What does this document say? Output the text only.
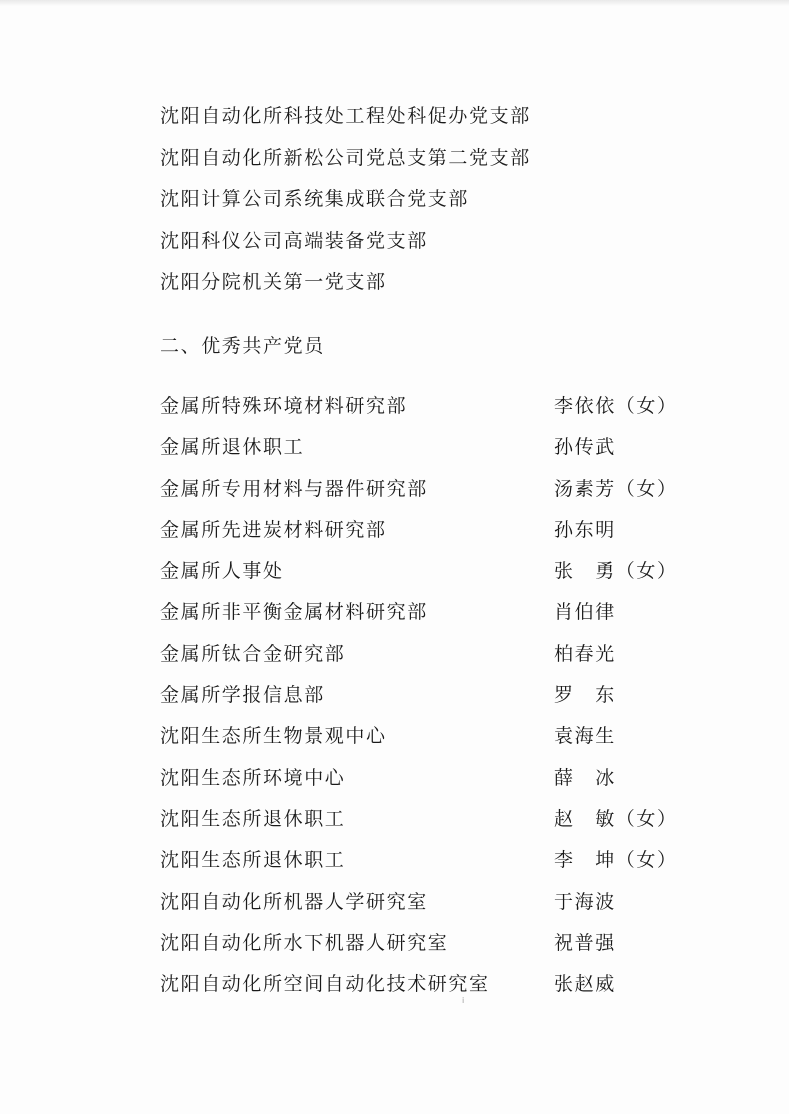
沈阳自动化所科技处工程处科促办党支部
沈阳自动化所新松公司党总支第二党支部
沈阳计算公司系统集成联合党支部
沈阳科仪公司高端装备党支部
沈阳分院机关第一党支部
二、优秀共产党员
金属所特殊环境材料研究部	李依依（女）
金属所退休职工	孙传武
金属所专用材料与器件研究部	汤素芳（女）
金属所先进炭材料研究部	孙东明
金属所人事处	张　勇（女）
金属所非平衡金属材料研究部	肖伯律
金属所钛合金研究部	柏春光
金属所学报信息部	罗　东
沈阳生态所生物景观中心	袁海生
沈阳生态所环境中心	薛　冰
沈阳生态所退休职工	赵　敏（女）
沈阳生态所退休职工	李　坤（女）
沈阳自动化所机器人学研究室	于海波
沈阳自动化所水下机器人研究室	祝普强
沈阳自动化所空间自动化技术研究室	张赵威
i
